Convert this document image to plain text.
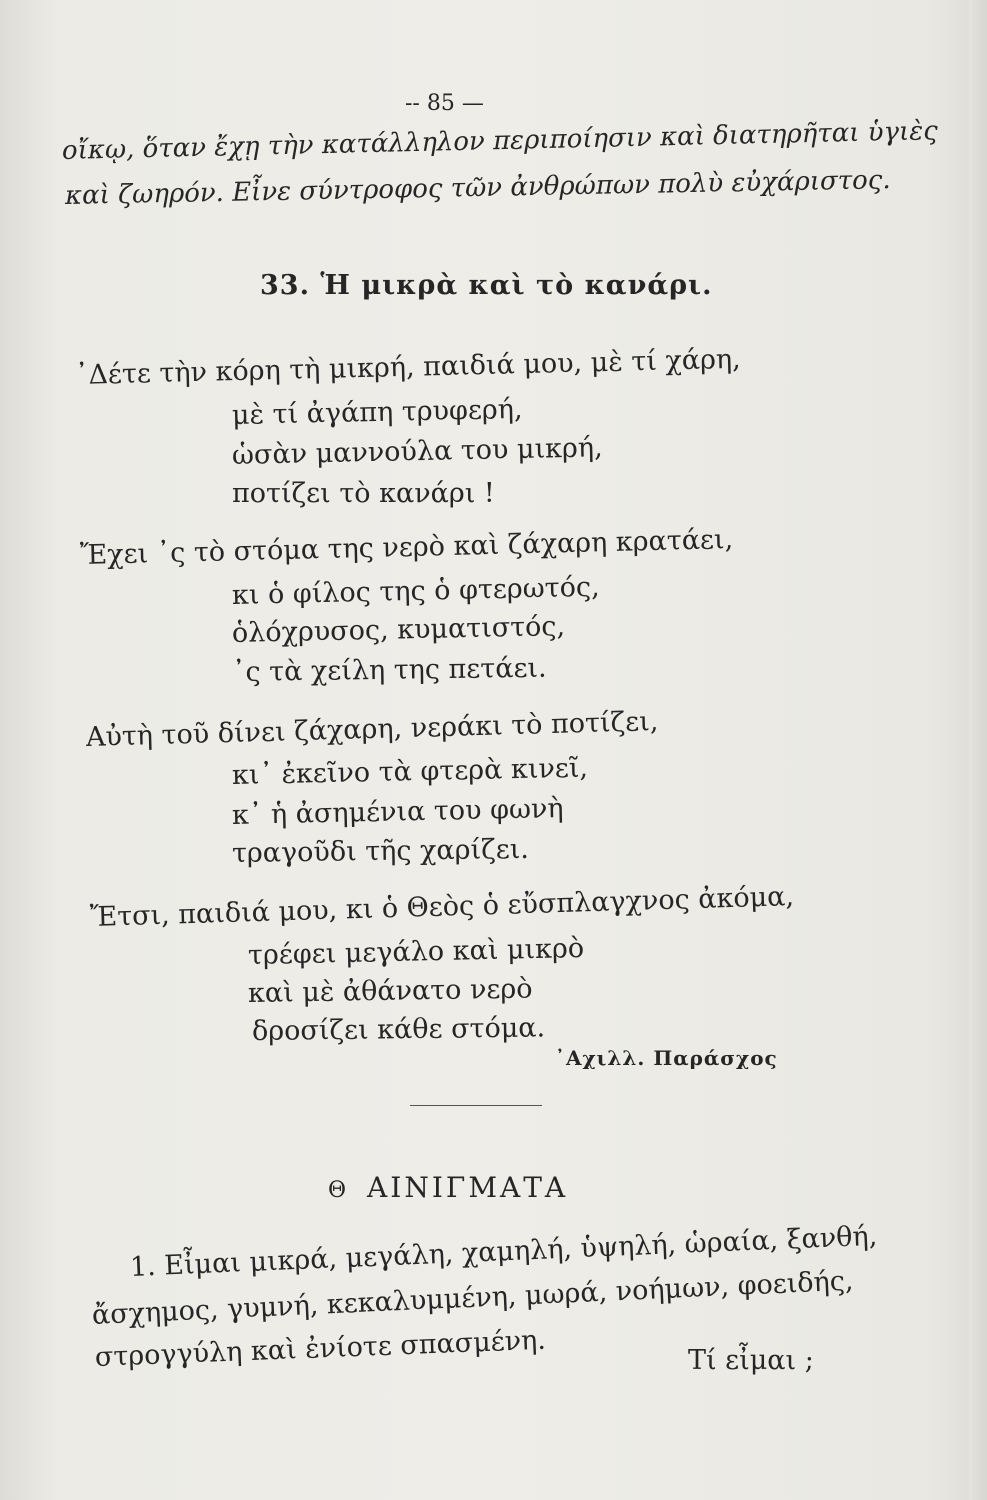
-- 85 —
οἴκῳ, ὅταν ἔχῃ τὴν κατάλληλον περιποίησιν καὶ διατηρῆται ὑγιὲς
καὶ ζωηρόν. Εἶνε σύντροφος τῶν ἀνθρώπων πολὺ εὐχάριστος.
33. Ἡ μικρὰ καὶ τὸ κανάρι.
᾿Δέτε τὴν κόρη τὴ μικρή, παιδιά μου, μὲ τί χάρη,
μὲ τί ἀγάπη τρυφερή,
ὡσὰν μαννούλα του μικρή,
ποτίζει τὸ κανάρι !
Ἔχει ᾿ς τὸ στόμα της νερὸ καὶ ζάχαρη κρατάει,
κι ὁ φίλος της ὁ φτερωτός,
ὁλόχρυσος, κυματιστός,
᾿ς τὰ χείλη της πετάει.
Αὐτὴ τοῦ δίνει ζάχαρη, νεράκι τὸ ποτίζει,
κι᾿ ἐκεῖνο τὰ φτερὰ κινεῖ,
κ᾿ ἡ ἀσημένια του φωνὴ
τραγοῦδι τῆς χαρίζει.
Ἔτσι, παιδιά μου, κι ὁ Θεὸς ὁ εὔσπλαγχνος ἀκόμα,
τρέφει μεγάλο καὶ μικρὸ
καὶ μὲ ἀθάνατο νερὸ
δροσίζει κάθε στόμα.
᾿Αχιλλ. Παράσχος
Θ ΑΙΝΙΓΜΑΤΑ
1. Εἶμαι μικρά, μεγάλη, χαμηλή, ὑψηλή, ὡραία, ξανθή,
ἄσχημος, γυμνή, κεκαλυμμένη, μωρά, νοήμων, φοειδής,
στρογγύλη καὶ ἐνίοτε σπασμένη.	Τί εἶμαι ;
